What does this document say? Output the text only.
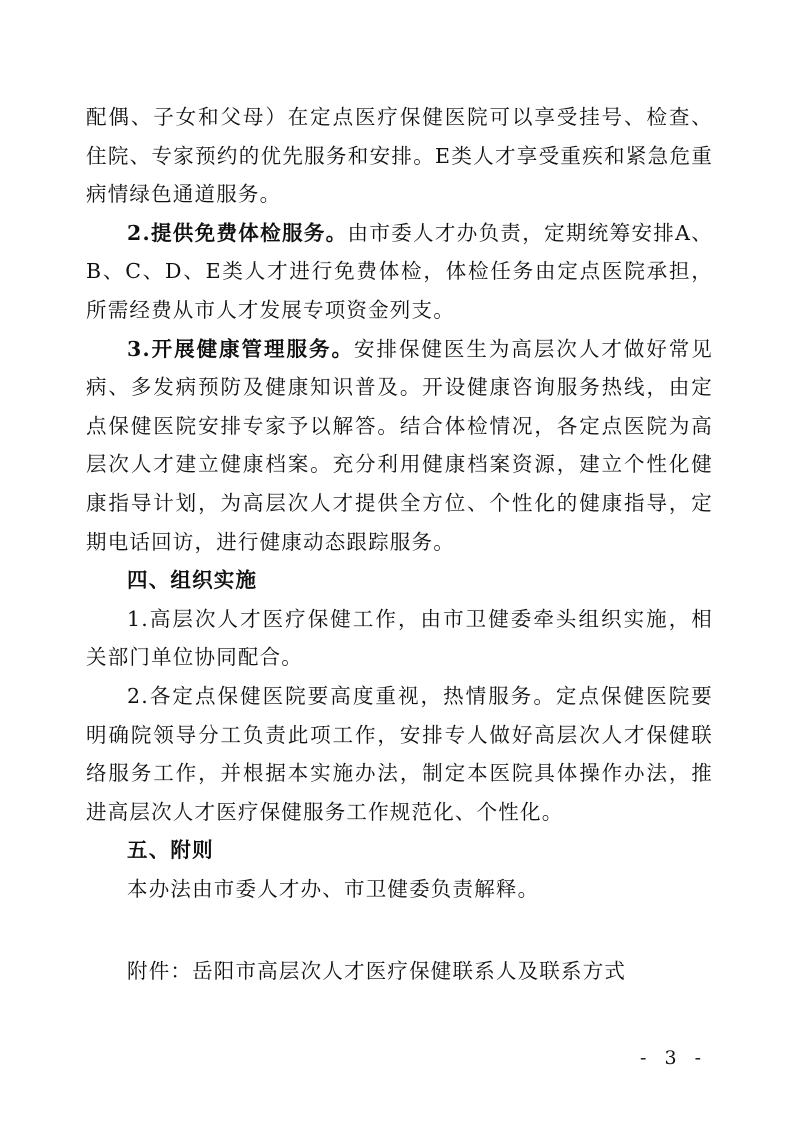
配偶、子女和父母）在定点医疗保健医院可以享受挂号、检查、住院、专家预约的优先服务和安排。E类人才享受重疾和紧急危重病情绿色通道服务。

2.提供免费体检服务。由市委人才办负责，定期统筹安排A、B、C、D、E类人才进行免费体检，体检任务由定点医院承担，所需经费从市人才发展专项资金列支。

3.开展健康管理服务。安排保健医生为高层次人才做好常见病、多发病预防及健康知识普及。开设健康咨询服务热线，由定点保健医院安排专家予以解答。结合体检情况，各定点医院为高层次人才建立健康档案。充分利用健康档案资源，建立个性化健康指导计划，为高层次人才提供全方位、个性化的健康指导，定期电话回访，进行健康动态跟踪服务。

四、组织实施

1.高层次人才医疗保健工作，由市卫健委牵头组织实施，相关部门单位协同配合。

2.各定点保健医院要高度重视，热情服务。定点保健医院要明确院领导分工负责此项工作，安排专人做好高层次人才保健联络服务工作，并根据本实施办法，制定本医院具体操作办法，推进高层次人才医疗保健服务工作规范化、个性化。

五、附则

本办法由市委人才办、市卫健委负责解释。

附件：岳阳市高层次人才医疗保健联系人及联系方式
- 3 -
